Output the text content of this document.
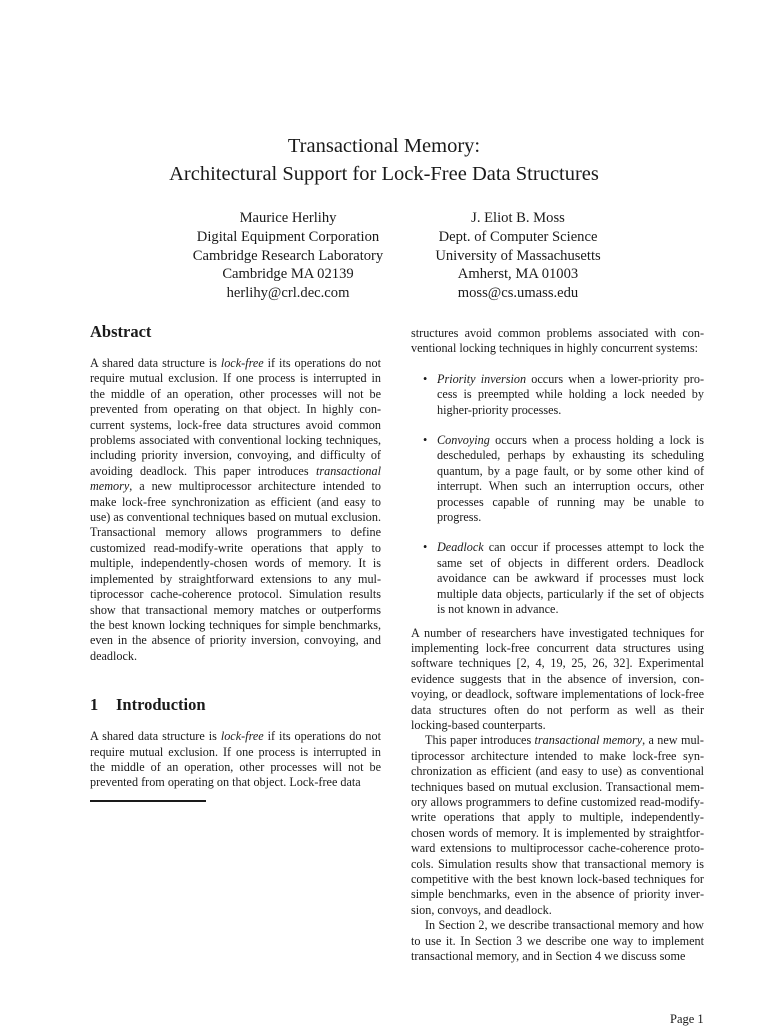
Transactional Memory:
Architectural Support for Lock-Free Data Structures
Maurice Herlihy
Digital Equipment Corporation
Cambridge Research Laboratory
Cambridge MA 02139
herlihy@crl.dec.com
J. Eliot B. Moss
Dept. of Computer Science
University of Massachusetts
Amherst, MA 01003
moss@cs.umass.edu
Abstract

A shared data structure is lock-free if its operations do not require mutual exclusion. If one process is interrupted in the middle of an operation, other processes will not be prevented from operating on that object. In highly concurrent systems, lock-free data structures avoid common problems associated with conventional locking techniques, including priority inversion, convoying, and difficulty of avoiding deadlock. This paper introduces transactional memory, a new multiprocessor architecture intended to make lock-free synchronization as efficient (and easy to use) as conventional techniques based on mutual exclusion. Transactional memory allows programmers to define customized read-modify-write operations that apply to multiple, independently-chosen words of memory. It is implemented by straightforward extensions to any multiprocessor cache-coherence protocol. Simulation results show that transactional memory matches or outperforms the best known locking techniques for simple benchmarks, even in the absence of priority inversion, convoying, and deadlock.

1 Introduction

A shared data structure is lock-free if its operations do not require mutual exclusion. If one process is interrupted in the middle of an operation, other processes will not be prevented from operating on that object. Lock-free data

structures avoid common problems associated with conventional locking techniques in highly concurrent systems:

• Priority inversion occurs when a lower-priority process is preempted while holding a lock needed by higher-priority processes.
• Convoying occurs when a process holding a lock is descheduled, perhaps by exhausting its scheduling quantum, by a page fault, or by some other kind of interrupt. When such an interruption occurs, other processes capable of running may be unable to progress.
• Deadlock can occur if processes attempt to lock the same set of objects in different orders. Deadlock avoidance can be awkward if processes must lock multiple data objects, particularly if the set of objects is not known in advance.

A number of researchers have investigated techniques for implementing lock-free concurrent data structures using software techniques [2, 4, 19, 25, 26, 32]. Experimental evidence suggests that in the absence of inversion, convoying, or deadlock, software implementations of lock-free data structures often do not perform as well as their locking-based counterparts.

This paper introduces transactional memory, a new multiprocessor architecture intended to make lock-free synchronization as efficient (and easy to use) as conventional techniques based on mutual exclusion. Transactional memory allows programmers to define customized read-modify-write operations that apply to multiple, independently-chosen words of memory. It is implemented by straightforward extensions to multiprocessor cache-coherence protocols. Simulation results show that transactional memory is competitive with the best known lock-based techniques for simple benchmarks, even in the absence of priority inversion, convoys, and deadlock.

In Section 2, we describe transactional memory and how to use it. In Section 3 we describe one way to implement transactional memory, and in Section 4 we discuss some

Page 1
